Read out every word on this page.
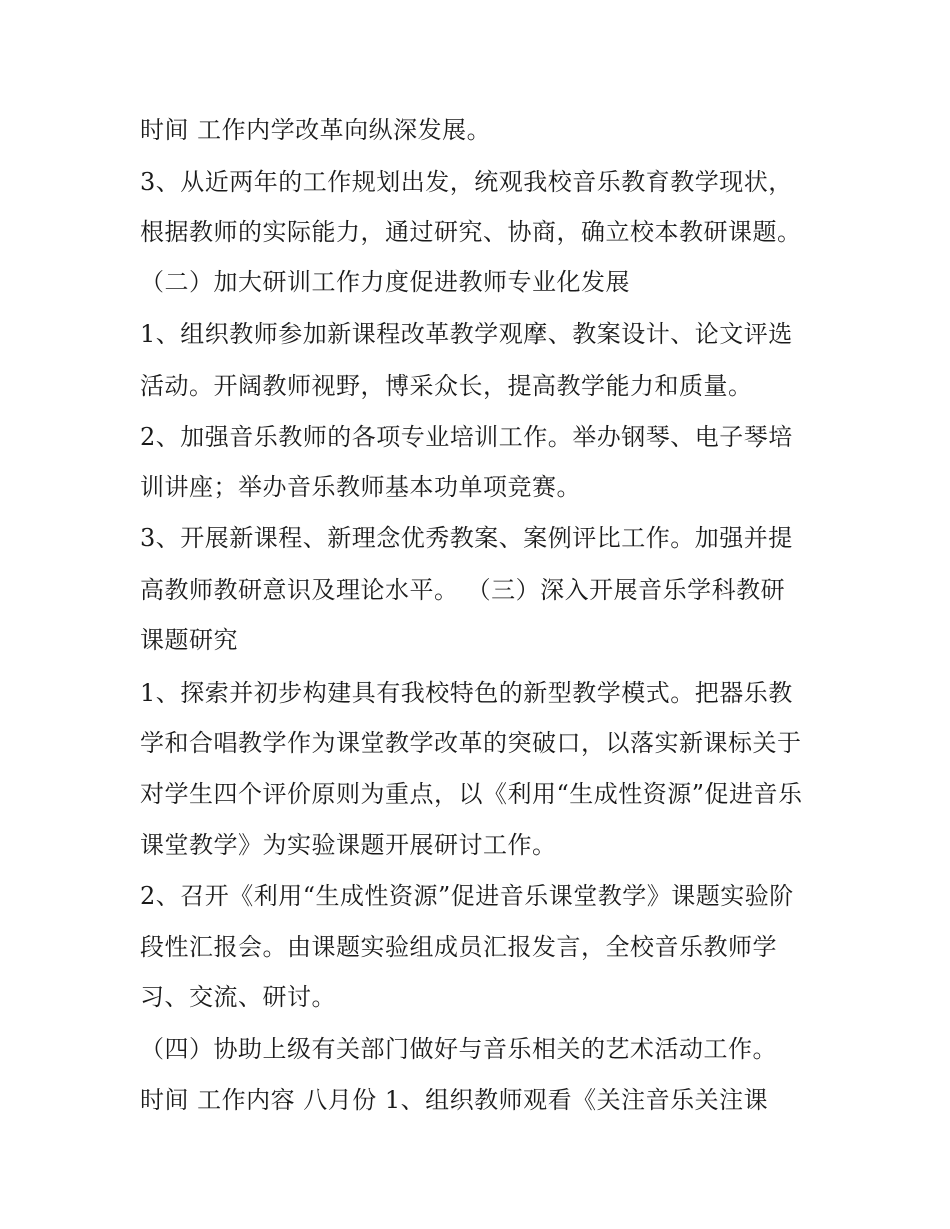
时间 工作内学改革向纵深发展。

3、从近两年的工作规划出发，统观我校音乐教育教学现状，

根据教师的实际能力，通过研究、协商，确立校本教研课题。

（二）加大研训工作力度促进教师专业化发展

1、组织教师参加新课程改革教学观摩、教案设计、论文评选

活动。开阔教师视野，博采众长，提高教学能力和质量。

2、加强音乐教师的各项专业培训工作。举办钢琴、电子琴培

训讲座；举办音乐教师基本功单项竞赛。

3、开展新课程、新理念优秀教案、案例评比工作。加强并提

高教师教研意识及理论水平。 （三）深入开展音乐学科教研

课题研究

1、探索并初步构建具有我校特色的新型教学模式。把器乐教

学和合唱教学作为课堂教学改革的突破口，以落实新课标关于

对学生四个评价原则为重点，以《利用“生成性资源”促进音乐

课堂教学》为实验课题开展研讨工作。

2、召开《利用“生成性资源”促进音乐课堂教学》课题实验阶

段性汇报会。由课题实验组成员汇报发言，全校音乐教师学

习、交流、研讨。

（四）协助上级有关部门做好与音乐相关的艺术活动工作。

时间 工作内容 八月份 1、组织教师观看《关注音乐关注课
